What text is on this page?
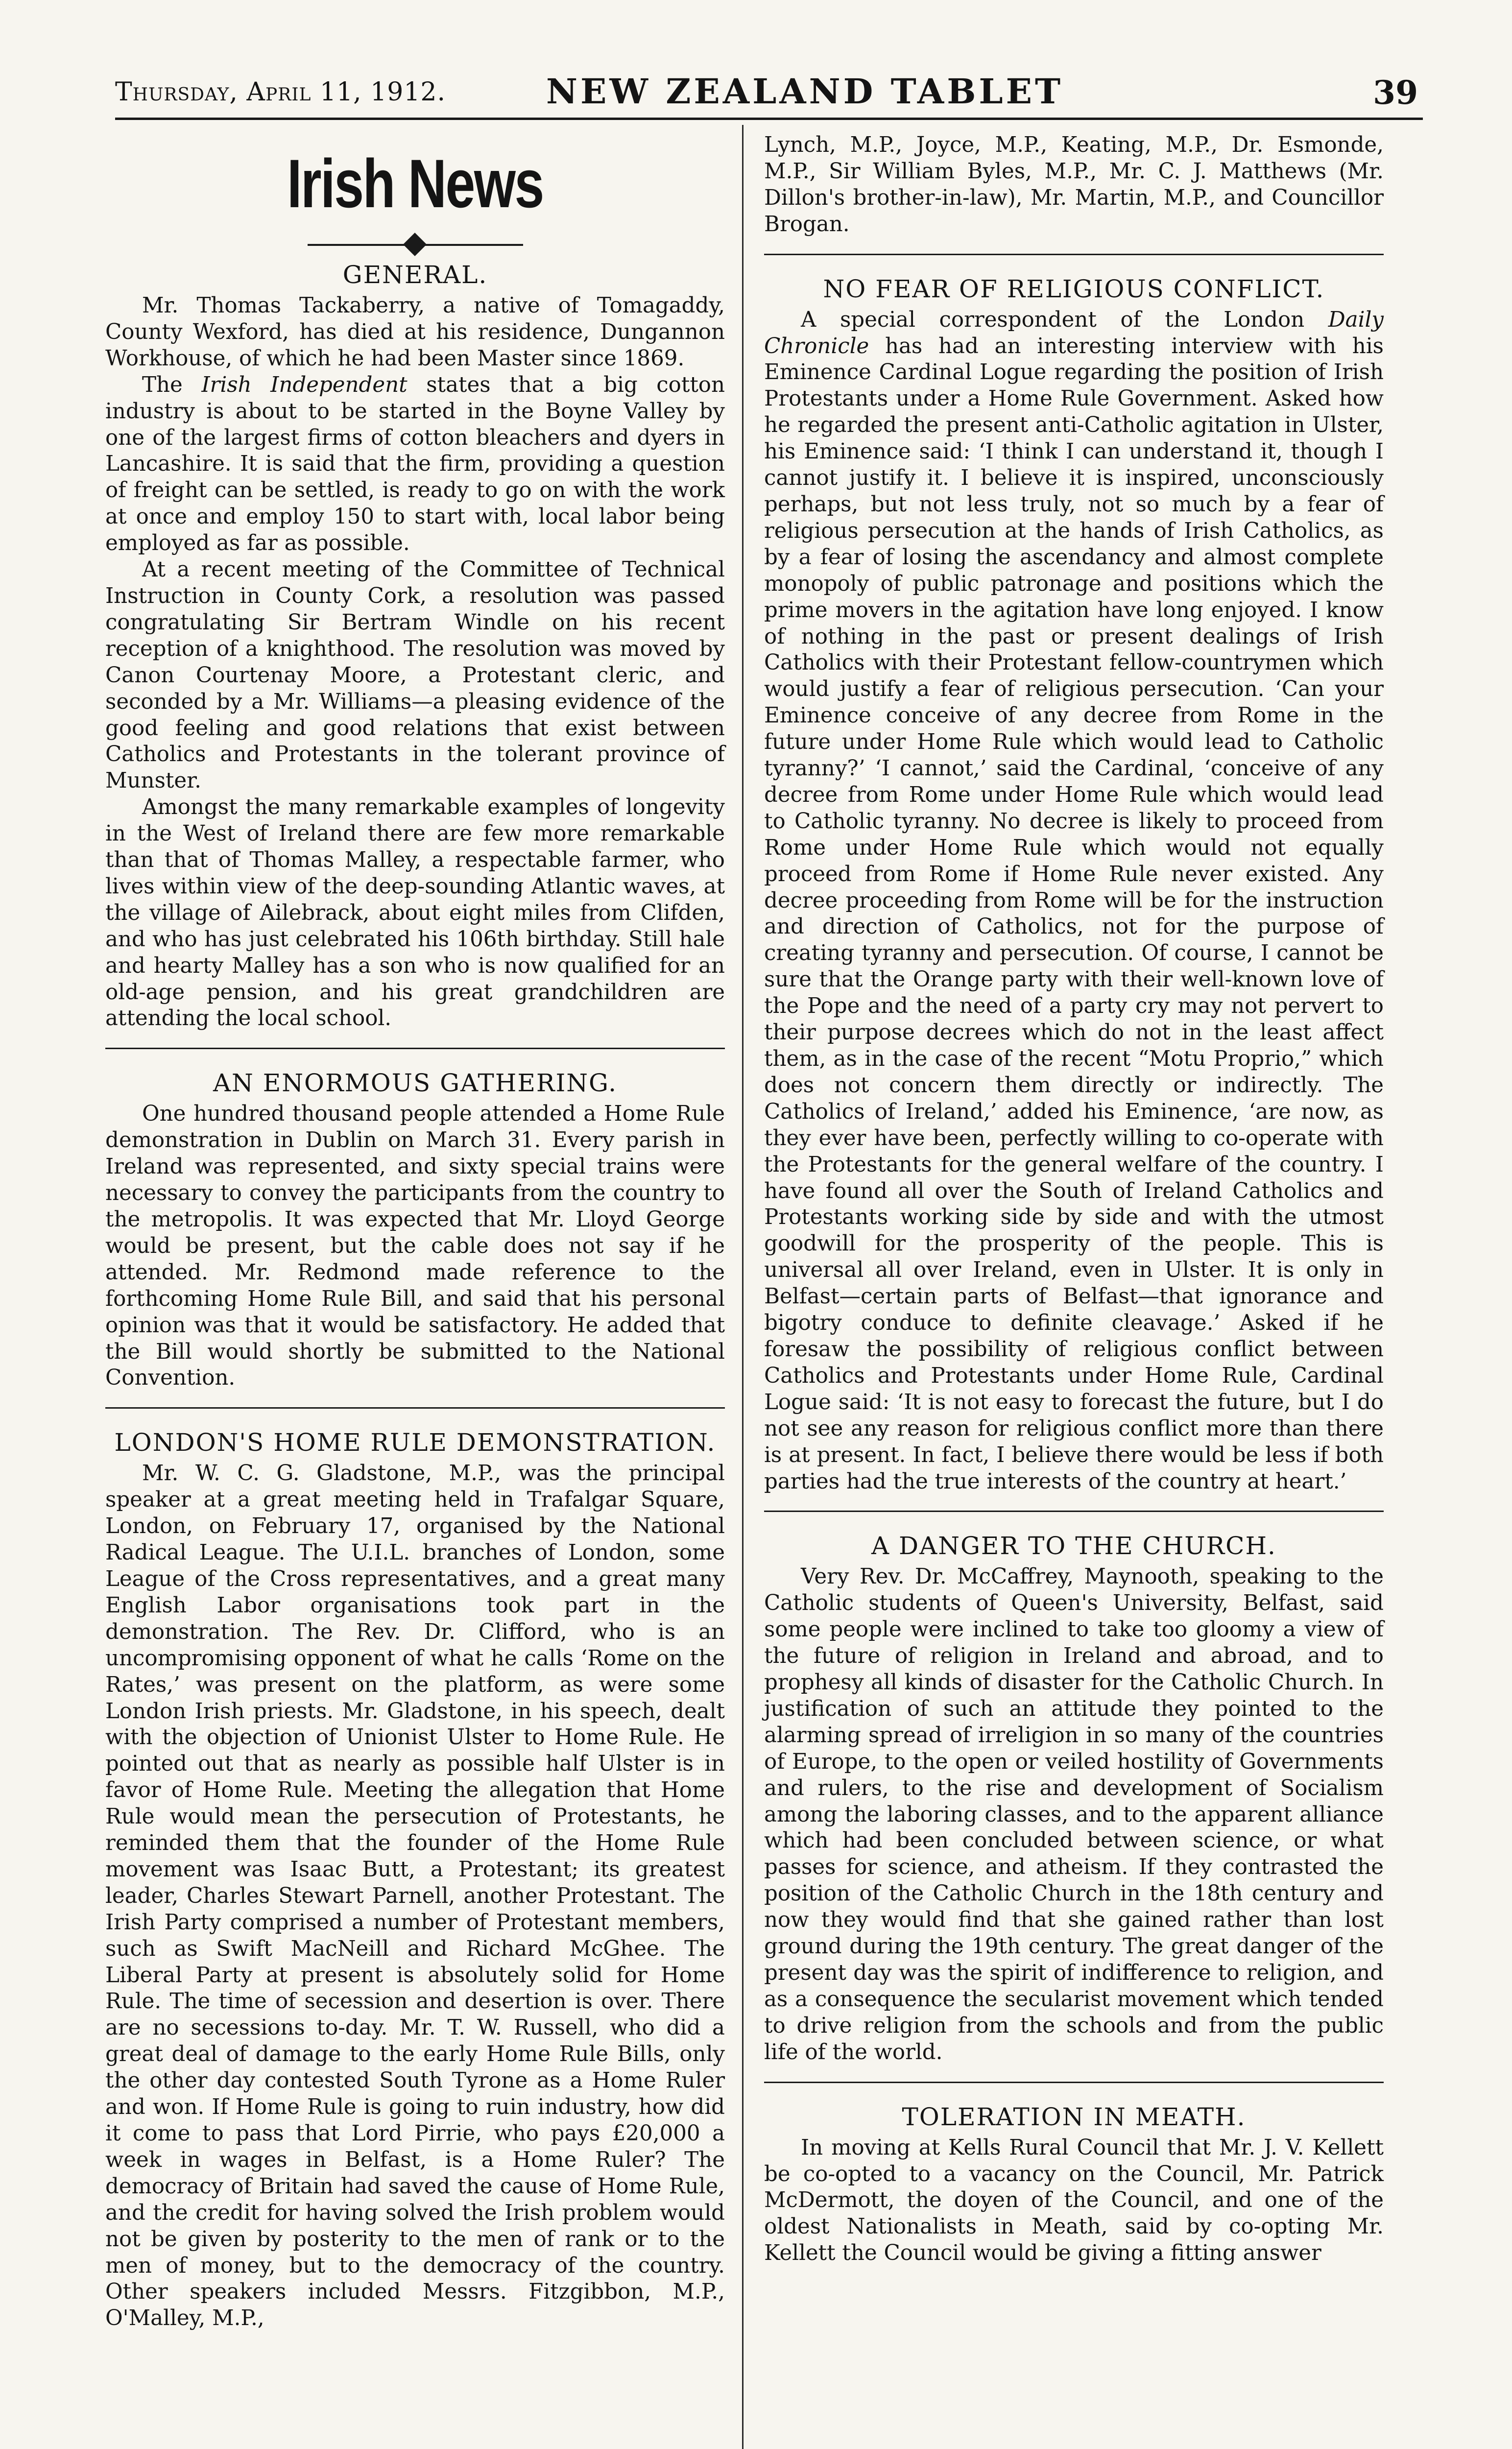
Thursday, April 11, 1912.	NEW ZEALAND TABLET	39
Irish News
GENERAL.

Mr. Thomas Tackaberry, a native of Tomagaddy, County Wexford, has died at his residence, Dungannon Workhouse, of which he had been Master since 1869.

The Irish Independent states that a big cotton industry is about to be started in the Boyne Valley by one of the largest firms of cotton bleachers and dyers in Lancashire. It is said that the firm, providing a question of freight can be settled, is ready to go on with the work at once and employ 150 to start with, local labor being employed as far as possible.

At a recent meeting of the Committee of Technical Instruction in County Cork, a resolution was passed congratulating Sir Bertram Windle on his recent reception of a knighthood. The resolution was moved by Canon Courtenay Moore, a Protestant cleric, and seconded by a Mr. Williams—a pleasing evidence of the good feeling and good relations that exist between Catholics and Protestants in the tolerant province of Munster.

Amongst the many remarkable examples of longevity in the West of Ireland there are few more remarkable than that of Thomas Malley, a respectable farmer, who lives within view of the deep-sounding Atlantic waves, at the village of Ailebrack, about eight miles from Clifden, and who has just celebrated his 106th birthday. Still hale and hearty Malley has a son who is now qualified for an old-age pension, and his great grandchildren are attending the local school.

AN ENORMOUS GATHERING.

One hundred thousand people attended a Home Rule demonstration in Dublin on March 31. Every parish in Ireland was represented, and sixty special trains were necessary to convey the participants from the country to the metropolis. It was expected that Mr. Lloyd George would be present, but the cable does not say if he attended. Mr. Redmond made reference to the forthcoming Home Rule Bill, and said that his personal opinion was that it would be satisfactory. He added that the Bill would shortly be submitted to the National Convention.

LONDON'S HOME RULE DEMONSTRATION.

Mr. W. C. G. Gladstone, M.P., was the principal speaker at a great meeting held in Trafalgar Square, London, on February 17, organised by the National Radical League. The U.I.L. branches of London, some League of the Cross representatives, and a great many English Labor organisations took part in the demonstration. The Rev. Dr. Clifford, who is an uncompromising opponent of what he calls ‘Rome on the Rates,’ was present on the platform, as were some London Irish priests. Mr. Gladstone, in his speech, dealt with the objection of Unionist Ulster to Home Rule. He pointed out that as nearly as possible half Ulster is in favor of Home Rule. Meeting the allegation that Home Rule would mean the persecution of Protestants, he reminded them that the founder of the Home Rule movement was Isaac Butt, a Protestant; its greatest leader, Charles Stewart Parnell, another Protestant. The Irish Party comprised a number of Protestant members, such as Swift MacNeill and Richard McGhee. The Liberal Party at present is absolutely solid for Home Rule. The time of secession and desertion is over. There are no secessions to-day. Mr. T. W. Russell, who did a great deal of damage to the early Home Rule Bills, only the other day contested South Tyrone as a Home Ruler and won. If Home Rule is going to ruin industry, how did it come to pass that Lord Pirrie, who pays £20,000 a week in wages in Belfast, is a Home Ruler? The democracy of Britain had saved the cause of Home Rule, and the credit for having solved the Irish problem would not be given by posterity to the men of rank or to the men of money, but to the democracy of the country. Other speakers included Messrs. Fitzgibbon, M.P., O'Malley, M.P.,

Lynch, M.P., Joyce, M.P., Keating, M.P., Dr. Esmonde, M.P., Sir William Byles, M.P., Mr. C. J. Matthews (Mr. Dillon's brother-in-law), Mr. Martin, M.P., and Councillor Brogan.

NO FEAR OF RELIGIOUS CONFLICT.

A special correspondent of the London Daily Chronicle has had an interesting interview with his Eminence Cardinal Logue regarding the position of Irish Protestants under a Home Rule Government. Asked how he regarded the present anti-Catholic agitation in Ulster, his Eminence said: ‘I think I can understand it, though I cannot justify it. I believe it is inspired, unconsciously perhaps, but not less truly, not so much by a fear of religious persecution at the hands of Irish Catholics, as by a fear of losing the ascendancy and almost complete monopoly of public patronage and positions which the prime movers in the agitation have long enjoyed. I know of nothing in the past or present dealings of Irish Catholics with their Protestant fellow-countrymen which would justify a fear of religious persecution. ‘Can your Eminence conceive of any decree from Rome in the future under Home Rule which would lead to Catholic tyranny?’ ‘I cannot,’ said the Cardinal, ‘conceive of any decree from Rome under Home Rule which would lead to Catholic tyranny. No decree is likely to proceed from Rome under Home Rule which would not equally proceed from Rome if Home Rule never existed. Any decree proceeding from Rome will be for the instruction and direction of Catholics, not for the purpose of creating tyranny and persecution. Of course, I cannot be sure that the Orange party with their well-known love of the Pope and the need of a party cry may not pervert to their purpose decrees which do not in the least affect them, as in the case of the recent “Motu Proprio,” which does not concern them directly or indirectly. The Catholics of Ireland,’ added his Eminence, ‘are now, as they ever have been, perfectly willing to co-operate with the Protestants for the general welfare of the country. I have found all over the South of Ireland Catholics and Protestants working side by side and with the utmost goodwill for the prosperity of the people. This is universal all over Ireland, even in Ulster. It is only in Belfast—certain parts of Belfast—that ignorance and bigotry conduce to definite cleavage.’ Asked if he foresaw the possibility of religious conflict between Catholics and Protestants under Home Rule, Cardinal Logue said: ‘It is not easy to forecast the future, but I do not see any reason for religious conflict more than there is at present. In fact, I believe there would be less if both parties had the true interests of the country at heart.’

A DANGER TO THE CHURCH.

Very Rev. Dr. McCaffrey, Maynooth, speaking to the Catholic students of Queen's University, Belfast, said some people were inclined to take too gloomy a view of the future of religion in Ireland and abroad, and to prophesy all kinds of disaster for the Catholic Church. In justification of such an attitude they pointed to the alarming spread of irreligion in so many of the countries of Europe, to the open or veiled hostility of Governments and rulers, to the rise and development of Socialism among the laboring classes, and to the apparent alliance which had been concluded between science, or what passes for science, and atheism. If they contrasted the position of the Catholic Church in the 18th century and now they would find that she gained rather than lost ground during the 19th century. The great danger of the present day was the spirit of indifference to religion, and as a consequence the secularist movement which tended to drive religion from the schools and from the public life of the world.

TOLERATION IN MEATH.

In moving at Kells Rural Council that Mr. J. V. Kellett be co-opted to a vacancy on the Council, Mr. Patrick McDermott, the doyen of the Council, and one of the oldest Nationalists in Meath, said by co-opting Mr. Kellett the Council would be giving a fitting answer
